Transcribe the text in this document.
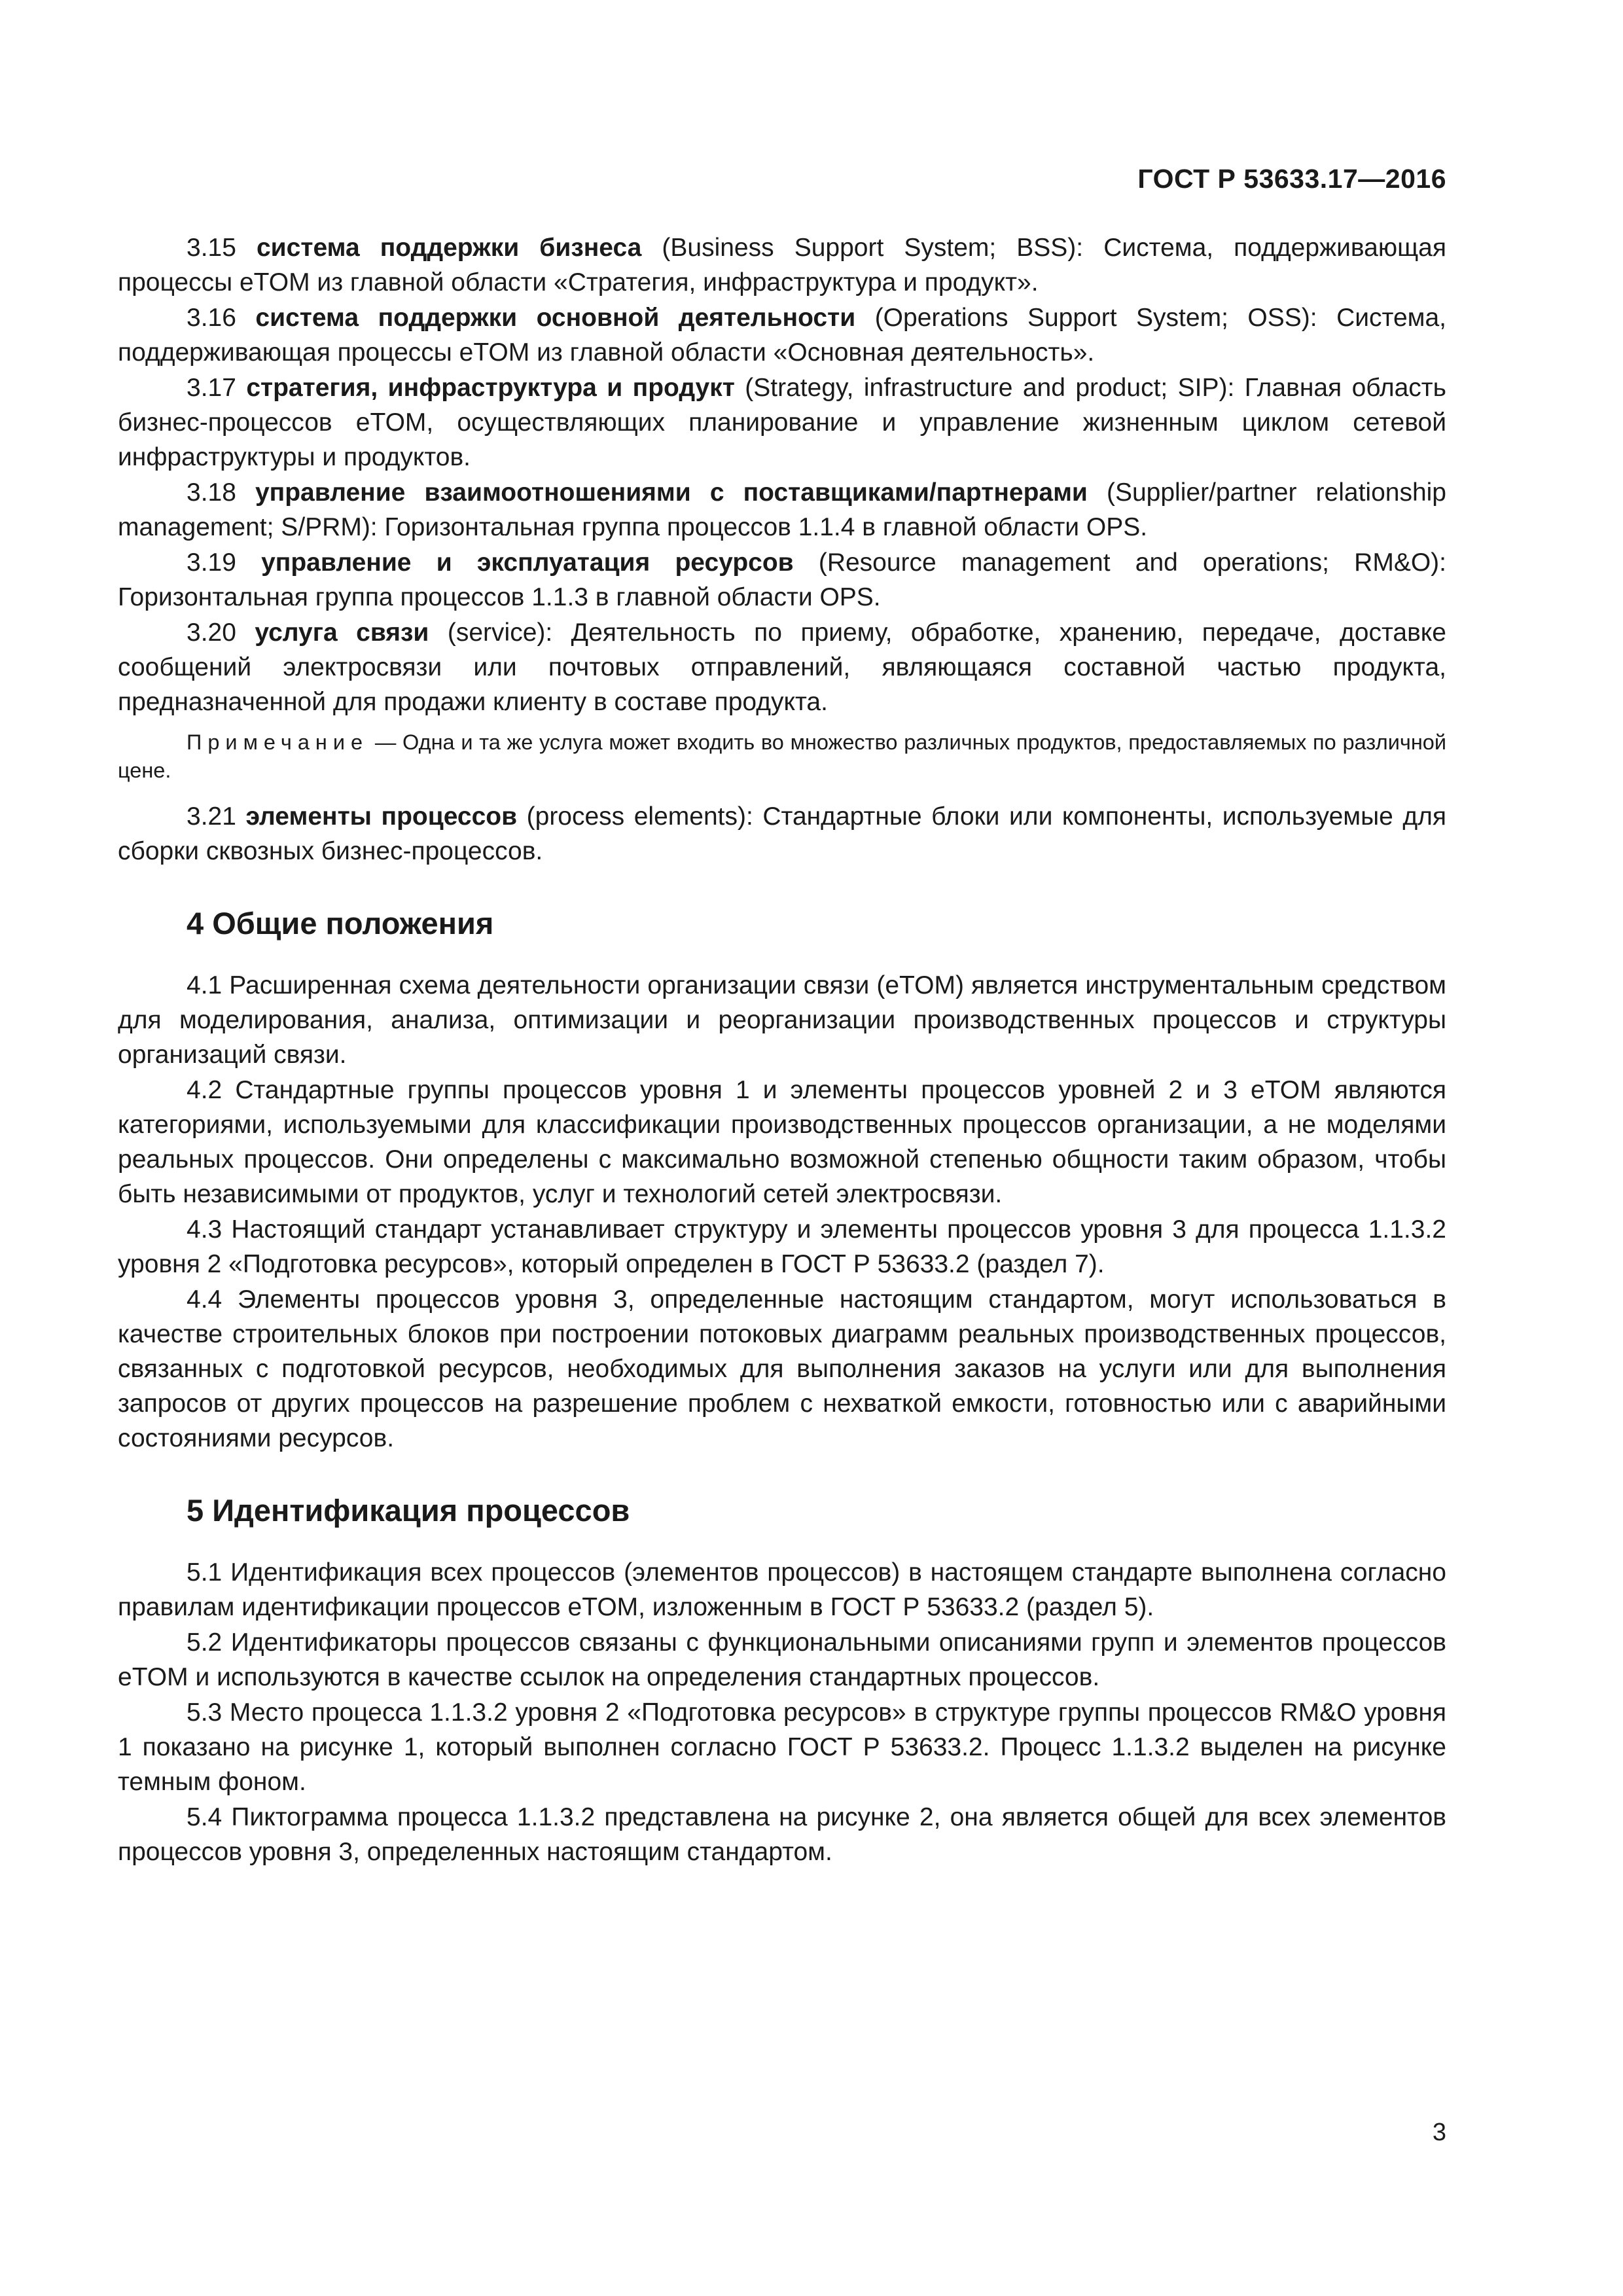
ГОСТ Р 53633.17—2016

3.15 система поддержки бизнеса (Business Support System; BSS): Система, поддерживающая процессы eTOM из главной области «Стратегия, инфраструктура и продукт».

3.16 система поддержки основной деятельности (Operations Support System; OSS): Система, поддерживающая процессы eTOM из главной области «Основная деятельность».

3.17 стратегия, инфраструктура и продукт (Strategy, infrastructure and product; SIP): Главная область бизнес-процессов eTOM, осуществляющих планирование и управление жизненным циклом сетевой инфраструктуры и продуктов.

3.18 управление взаимоотношениями с поставщиками/партнерами (Supplier/partner relationship management; S/PRM): Горизонтальная группа процессов 1.1.4 в главной области OPS.

3.19 управление и эксплуатация ресурсов (Resource management and operations; RM&O): Горизонтальная группа процессов 1.1.3 в главной области OPS.

3.20 услуга связи (service): Деятельность по приему, обработке, хранению, передаче, доставке сообщений электросвязи или почтовых отправлений, являющаяся составной частью продукта, предназначенной для продажи клиенту в составе продукта.

Примечание — Одна и та же услуга может входить во множество различных продуктов, предоставляемых по различной цене.

3.21 элементы процессов (process elements): Стандартные блоки или компоненты, используемые для сборки сквозных бизнес-процессов.

4 Общие положения

4.1 Расширенная схема деятельности организации связи (eTOM) является инструментальным средством для моделирования, анализа, оптимизации и реорганизации производственных процессов и структуры организаций связи.

4.2 Стандартные группы процессов уровня 1 и элементы процессов уровней 2 и 3 eTOM являются категориями, используемыми для классификации производственных процессов организации, а не моделями реальных процессов. Они определены с максимально возможной степенью общности таким образом, чтобы быть независимыми от продуктов, услуг и технологий сетей электросвязи.

4.3 Настоящий стандарт устанавливает структуру и элементы процессов уровня 3 для процесса 1.1.3.2 уровня 2 «Подготовка ресурсов», который определен в ГОСТ Р 53633.2 (раздел 7).

4.4 Элементы процессов уровня 3, определенные настоящим стандартом, могут использоваться в качестве строительных блоков при построении потоковых диаграмм реальных производственных процессов, связанных с подготовкой ресурсов, необходимых для выполнения заказов на услуги или для выполнения запросов от других процессов на разрешение проблем с нехваткой емкости, готовностью или с аварийными состояниями ресурсов.

5 Идентификация процессов

5.1 Идентификация всех процессов (элементов процессов) в настоящем стандарте выполнена согласно правилам идентификации процессов eTOM, изложенным в ГОСТ Р 53633.2 (раздел 5).

5.2 Идентификаторы процессов связаны с функциональными описаниями групп и элементов процессов eTOM и используются в качестве ссылок на определения стандартных процессов.

5.3 Место процесса 1.1.3.2 уровня 2 «Подготовка ресурсов» в структуре группы процессов RM&O уровня 1 показано на рисунке 1, который выполнен согласно ГОСТ Р 53633.2. Процесс 1.1.3.2 выделен на рисунке темным фоном.

5.4 Пиктограмма процесса 1.1.3.2 представлена на рисунке 2, она является общей для всех элементов процессов уровня 3, определенных настоящим стандартом.

3
